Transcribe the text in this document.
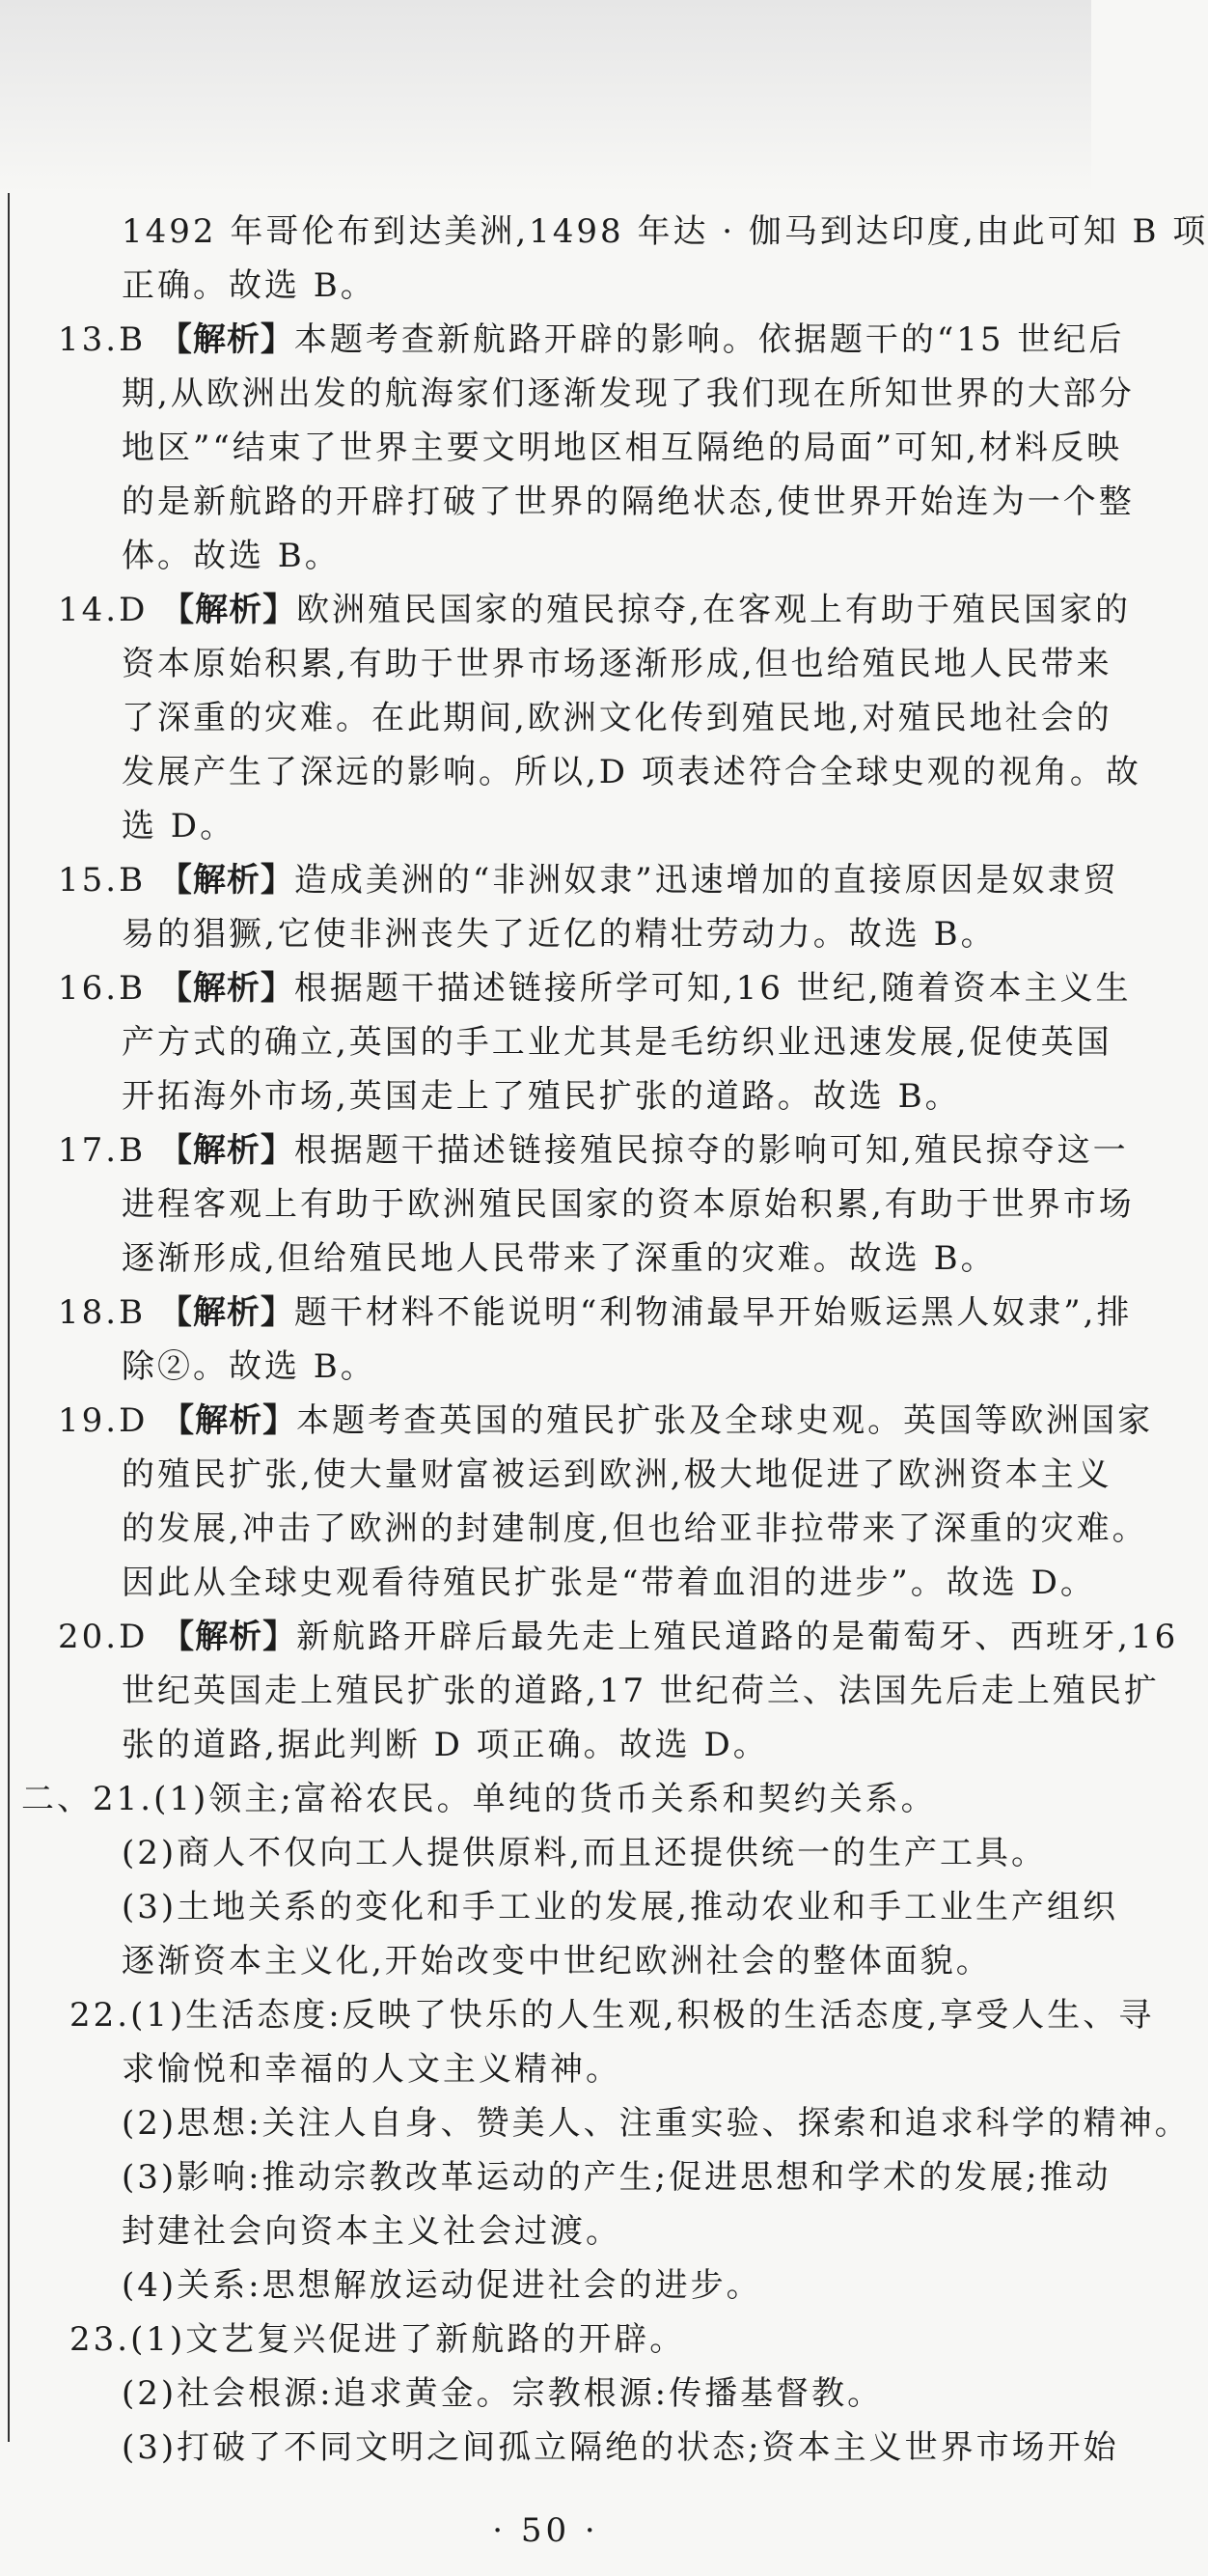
1492 年哥伦布到达美洲,1498 年达 · 伽马到达印度,由此可知 B 项
正确。故选 B。
13.B 【解析】本题考查新航路开辟的影响。依据题干的“15 世纪后
期,从欧洲出发的航海家们逐渐发现了我们现在所知世界的大部分
地区”“结束了世界主要文明地区相互隔绝的局面”可知,材料反映
的是新航路的开辟打破了世界的隔绝状态,使世界开始连为一个整
体。故选 B。
14.D 【解析】欧洲殖民国家的殖民掠夺,在客观上有助于殖民国家的
资本原始积累,有助于世界市场逐渐形成,但也给殖民地人民带来
了深重的灾难。在此期间,欧洲文化传到殖民地,对殖民地社会的
发展产生了深远的影响。所以,D 项表述符合全球史观的视角。故
选 D。
15.B 【解析】造成美洲的“非洲奴隶”迅速增加的直接原因是奴隶贸
易的猖獗,它使非洲丧失了近亿的精壮劳动力。故选 B。
16.B 【解析】根据题干描述链接所学可知,16 世纪,随着资本主义生
产方式的确立,英国的手工业尤其是毛纺织业迅速发展,促使英国
开拓海外市场,英国走上了殖民扩张的道路。故选 B。
17.B 【解析】根据题干描述链接殖民掠夺的影响可知,殖民掠夺这一
进程客观上有助于欧洲殖民国家的资本原始积累,有助于世界市场
逐渐形成,但给殖民地人民带来了深重的灾难。故选 B。
18.B 【解析】题干材料不能说明“利物浦最早开始贩运黑人奴隶”,排
除②。故选 B。
19.D 【解析】本题考查英国的殖民扩张及全球史观。英国等欧洲国家
的殖民扩张,使大量财富被运到欧洲,极大地促进了欧洲资本主义
的发展,冲击了欧洲的封建制度,但也给亚非拉带来了深重的灾难。
因此从全球史观看待殖民扩张是“带着血泪的进步”。故选 D。
20.D 【解析】新航路开辟后最先走上殖民道路的是葡萄牙、西班牙,16
世纪英国走上殖民扩张的道路,17 世纪荷兰、法国先后走上殖民扩
张的道路,据此判断 D 项正确。故选 D。
二、21.(1)领主;富裕农民。单纯的货币关系和契约关系。
(2)商人不仅向工人提供原料,而且还提供统一的生产工具。
(3)土地关系的变化和手工业的发展,推动农业和手工业生产组织
逐渐资本主义化,开始改变中世纪欧洲社会的整体面貌。
22.(1)生活态度:反映了快乐的人生观,积极的生活态度,享受人生、寻
求愉悦和幸福的人文主义精神。
(2)思想:关注人自身、赞美人、注重实验、探索和追求科学的精神。
(3)影响:推动宗教改革运动的产生;促进思想和学术的发展;推动
封建社会向资本主义社会过渡。
(4)关系:思想解放运动促进社会的进步。
23.(1)文艺复兴促进了新航路的开辟。
(2)社会根源:追求黄金。宗教根源:传播基督教。
(3)打破了不同文明之间孤立隔绝的状态;资本主义世界市场开始
· 50 ·
